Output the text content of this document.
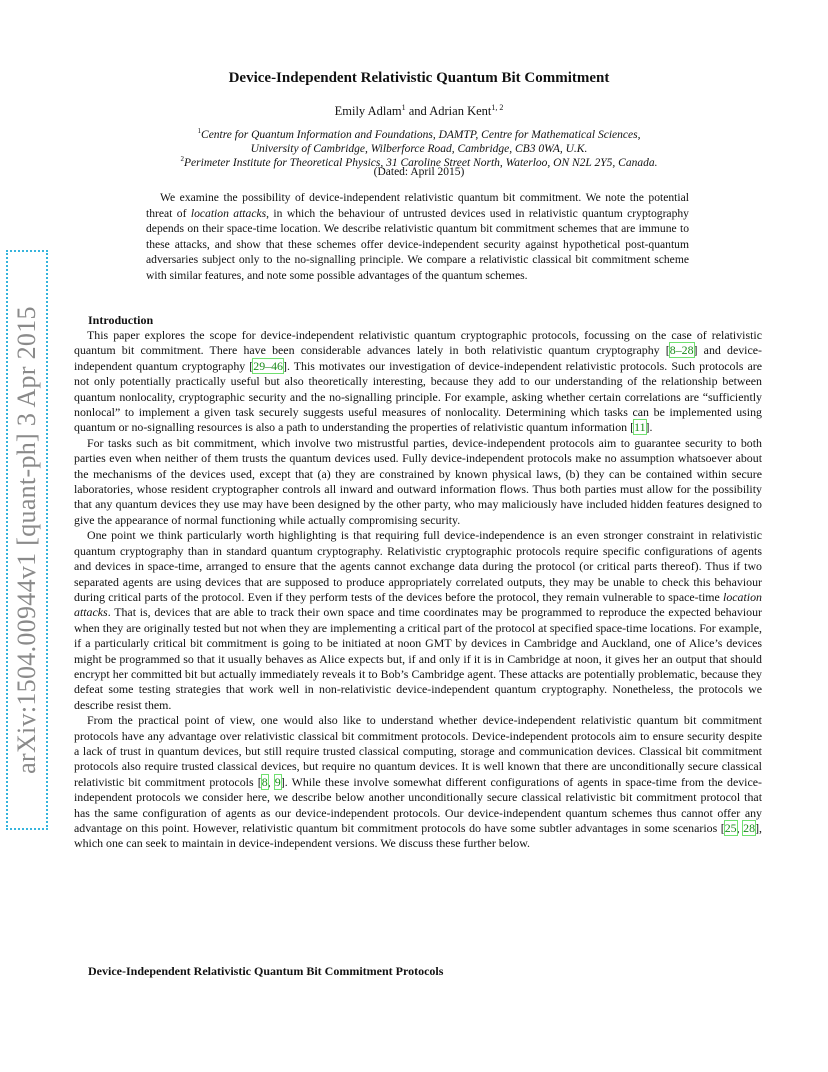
arXiv:1504.00944v1 [quant-ph] 3 Apr 2015
Device-Independent Relativistic Quantum Bit Commitment
Emily Adlam$^1$ and Adrian Kent$^{1, 2}$
$^1$Centre for Quantum Information and Foundations, DAMTP, Centre for Mathematical Sciences,
University of Cambridge, Wilberforce Road, Cambridge, CB3 0WA, U.K.
$^2$Perimeter Institute for Theoretical Physics, 31 Caroline Street North, Waterloo, ON N2L 2Y5, Canada.
(Dated: April 2015)
We examine the possibility of device-independent relativistic quantum bit commitment. We note the potential threat of location attacks, in which the behaviour of untrusted devices used in relativistic quantum cryptography depends on their space-time location. We describe relativistic quantum bit commitment schemes that are immune to these attacks, and show that these schemes offer device-independent security against hypothetical post-quantum adversaries subject only to the no-signalling principle. We compare a relativistic classical bit commitment scheme with similar features, and note some possible advantages of the quantum schemes.
Introduction

This paper explores the scope for device-independent relativistic quantum cryptographic protocols, focussing on the case of relativistic quantum bit commitment. There have been considerable advances lately in both relativistic quantum cryptography [8–28] and device-independent quantum cryptography [29–46]. This motivates our investigation of device-independent relativistic protocols. Such protocols are not only potentially practically useful but also theoretically interesting, because they add to our understanding of the relationship between quantum nonlocality, cryptographic security and the no-signalling principle. For example, asking whether certain correlations are “sufficiently nonlocal” to implement a given task securely suggests useful measures of nonlocality. Determining which tasks can be implemented using quantum or no-signalling resources is also a path to understanding the properties of relativistic quantum information [11].

For tasks such as bit commitment, which involve two mistrustful parties, device-independent protocols aim to guarantee security to both parties even when neither of them trusts the quantum devices used. Fully device-independent protocols make no assumption whatsoever about the mechanisms of the devices used, except that (a) they are constrained by known physical laws, (b) they can be contained within secure laboratories, whose resident cryptographer controls all inward and outward information flows. Thus both parties must allow for the possibility that any quantum devices they use may have been designed by the other party, who may maliciously have included hidden features designed to give the appearance of normal functioning while actually compromising security.

One point we think particularly worth highlighting is that requiring full device-independence is an even stronger constraint in relativistic quantum cryptography than in standard quantum cryptography. Relativistic cryptographic protocols require specific configurations of agents and devices in space-time, arranged to ensure that the agents cannot exchange data during the protocol (or critical parts thereof). Thus if two separated agents are using devices that are supposed to produce appropriately correlated outputs, they may be unable to check this behaviour during critical parts of the protocol. Even if they perform tests of the devices before the protocol, they remain vulnerable to space-time location attacks. That is, devices that are able to track their own space and time coordinates may be programmed to reproduce the expected behaviour when they are originally tested but not when they are implementing a critical part of the protocol at specified space-time locations. For example, if a particularly critical bit commitment is going to be initiated at noon GMT by devices in Cambridge and Auckland, one of Alice’s devices might be programmed so that it usually behaves as Alice expects but, if and only if it is in Cambridge at noon, it gives her an output that should encrypt her committed bit but actually immediately reveals it to Bob’s Cambridge agent. These attacks are potentially problematic, because they defeat some testing strategies that work well in non-relativistic device-independent quantum cryptography. Nonetheless, the protocols we describe resist them.

From the practical point of view, one would also like to understand whether device-independent relativistic quantum bit commitment protocols have any advantage over relativistic classical bit commitment protocols. Device-independent protocols aim to ensure security despite a lack of trust in quantum devices, but still require trusted classical computing, storage and communication devices. Classical bit commitment protocols also require trusted classical devices, but require no quantum devices. It is well known that there are unconditionally secure classical relativistic bit commitment protocols [8, 9]. While these involve somewhat different configurations of agents in space-time from the device-independent protocols we consider here, we describe below another unconditionally secure classical relativistic bit commitment protocol that has the same configuration of agents as our device-independent protocols. Our device-independent quantum schemes thus cannot offer any advantage on this point. However, relativistic quantum bit commitment protocols do have some subtler advantages in some scenarios [25, 28], which one can seek to maintain in device-independent versions. We discuss these further below.

Device-Independent Relativistic Quantum Bit Commitment Protocols
